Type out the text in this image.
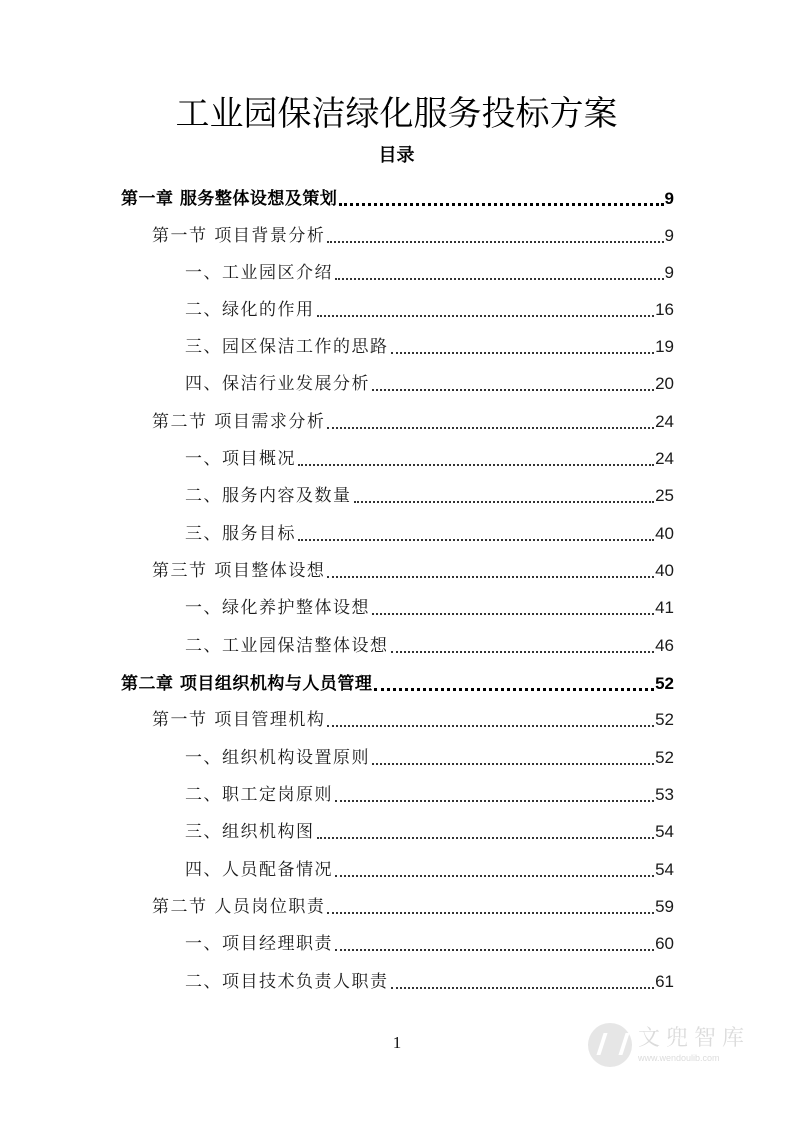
工业园保洁绿化服务投标方案
目录
第一章 服务整体设想及策划	9
第一节 项目背景分析	9
一、工业园区介绍	9
二、绿化的作用	16
三、园区保洁工作的思路	19
四、保洁行业发展分析	20
第二节 项目需求分析	24
一、项目概况	24
二、服务内容及数量	25
三、服务目标	40
第三节 项目整体设想	40
一、绿化养护整体设想	41
二、工业园保洁整体设想	46
第二章 项目组织机构与人员管理	52
第一节 项目管理机构	52
一、组织机构设置原则	52
二、职工定岗原则	53
三、组织机构图	54
四、人员配备情况	54
第二节 人员岗位职责	59
一、项目经理职责	60
二、项目技术负责人职责	61
1	文兜智库
www.wendoulib.com
